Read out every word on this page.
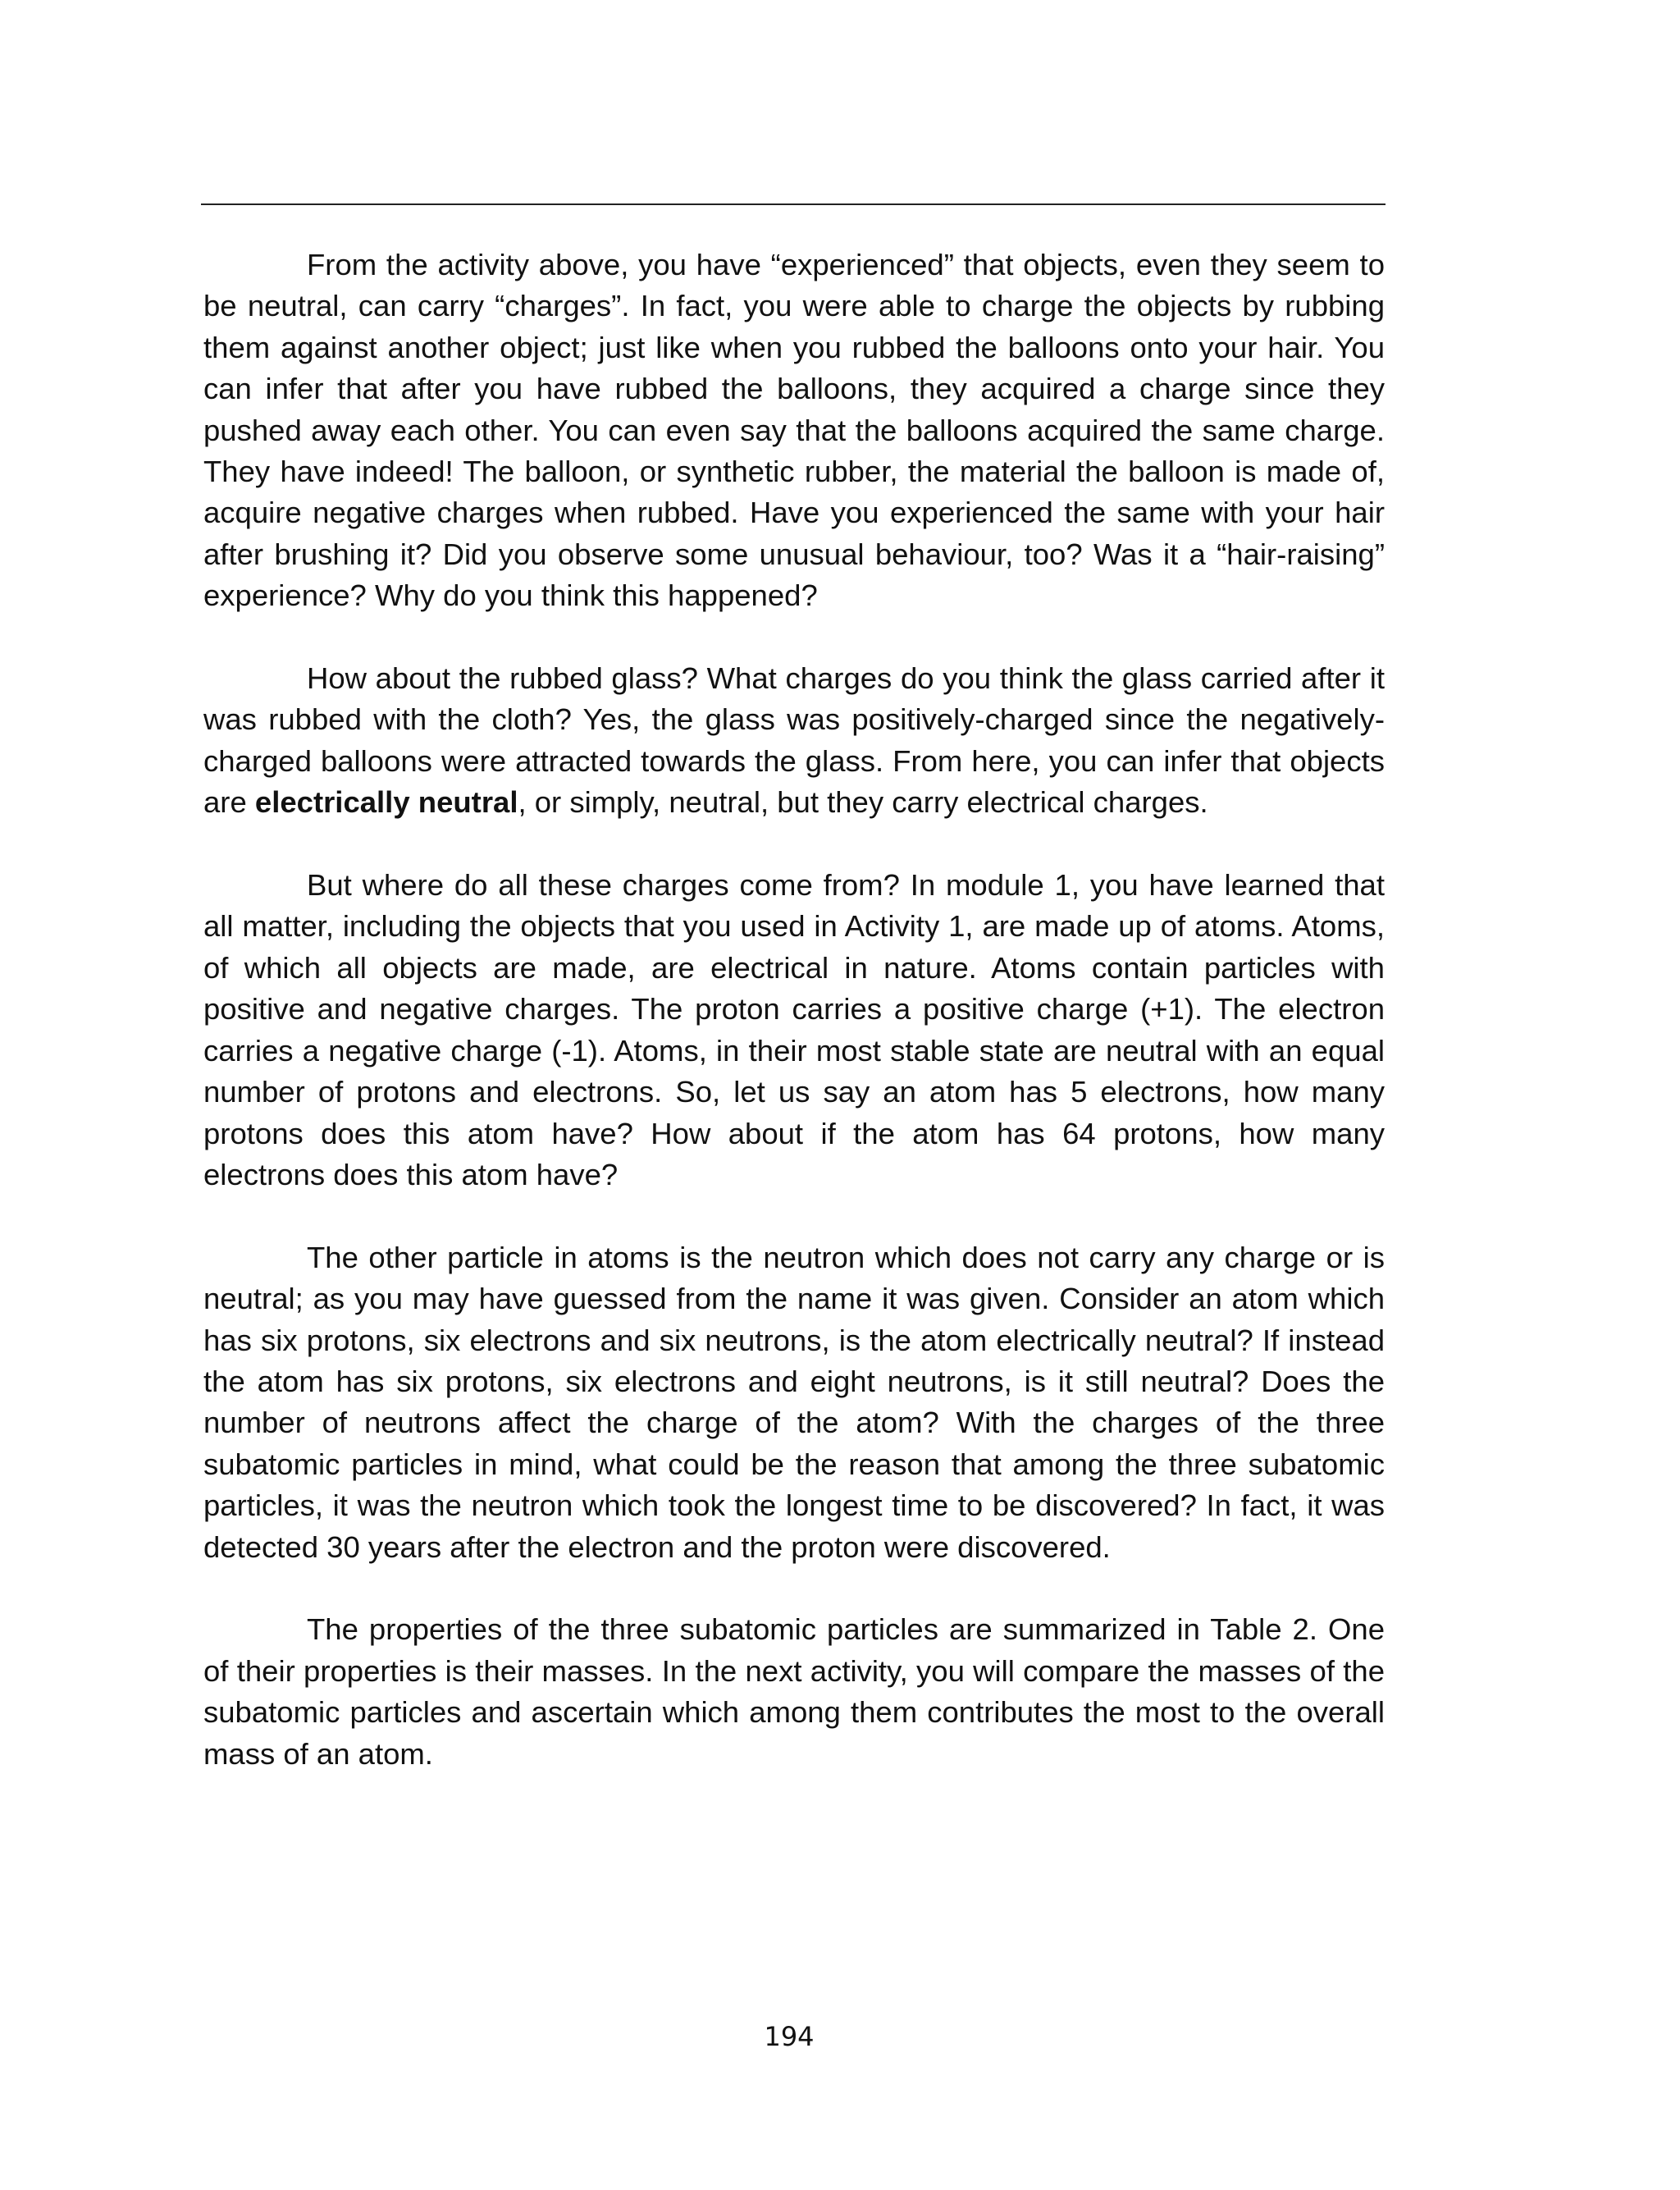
From the activity above, you have “experienced” that objects, even they seem to be neutral, can carry “charges”. In fact, you were able to charge the objects by rubbing them against another object; just like when you rubbed the balloons onto your hair. You can infer that after you have rubbed the balloons, they acquired a charge since they pushed away each other. You can even say that the balloons acquired the same charge. They have indeed! The balloon, or synthetic rubber, the material the balloon is made of, acquire negative charges when rubbed. Have you experienced the same with your hair after brushing it? Did you observe some unusual behaviour, too? Was it a “hair-raising” experience? Why do you think this happened?

How about the rubbed glass? What charges do you think the glass carried after it was rubbed with the cloth? Yes, the glass was positively-charged since the negatively-charged balloons were attracted towards the glass. From here, you can infer that objects are electrically neutral, or simply, neutral, but they carry electrical charges.

But where do all these charges come from? In module 1, you have learned that all matter, including the objects that you used in Activity 1, are made up of atoms. Atoms, of which all objects are made, are electrical in nature. Atoms contain particles with positive and negative charges. The proton carries a positive charge (+1). The electron carries a negative charge (-1). Atoms, in their most stable state are neutral with an equal number of protons and electrons. So, let us say an atom has 5 electrons, how many protons does this atom have? How about if the atom has 64 protons, how many electrons does this atom have?

The other particle in atoms is the neutron which does not carry any charge or is neutral; as you may have guessed from the name it was given. Consider an atom which has six protons, six electrons and six neutrons, is the atom electrically neutral? If instead the atom has six protons, six electrons and eight neutrons, is it still neutral? Does the number of neutrons affect the charge of the atom? With the charges of the three subatomic particles in mind, what could be the reason that among the three subatomic particles, it was the neutron which took the longest time to be discovered? In fact, it was detected 30 years after the electron and the proton were discovered.

The properties of the three subatomic particles are summarized in Table 2. One of their properties is their masses. In the next activity, you will compare the masses of the subatomic particles and ascertain which among them contributes the most to the overall mass of an atom.

194
